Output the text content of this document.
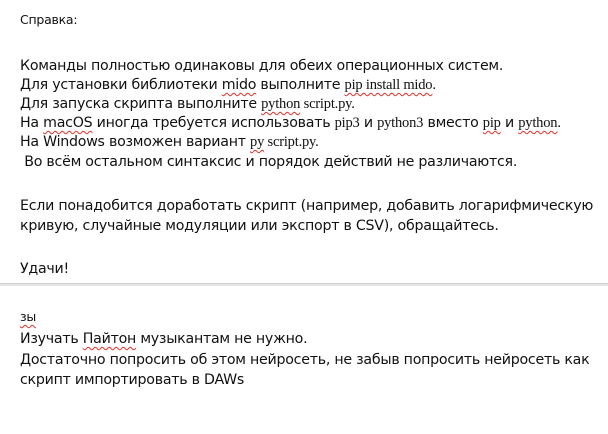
Справка:
Команды полностью одинаковы для обеих операционных систем.
Для установки библиотеки mido выполните pip install mido.
Для запуска скрипта выполните python script.py.
На macOS иногда требуется использовать pip3 и python3 вместо pip и python.
На Windows возможен вариант py script.py.
Во всём остальном синтаксис и порядок действий не различаются.
Если понадобится доработать скрипт (например, добавить логарифмическую
кривую, случайные модуляции или экспорт в CSV), обращайтесь.
Удачи!
зы
Изучать Пайтон музыкантам не нужно.
Достаточно попросить об этом нейросеть, не забыв попросить нейросеть как
скрипт импортировать в DAWs
